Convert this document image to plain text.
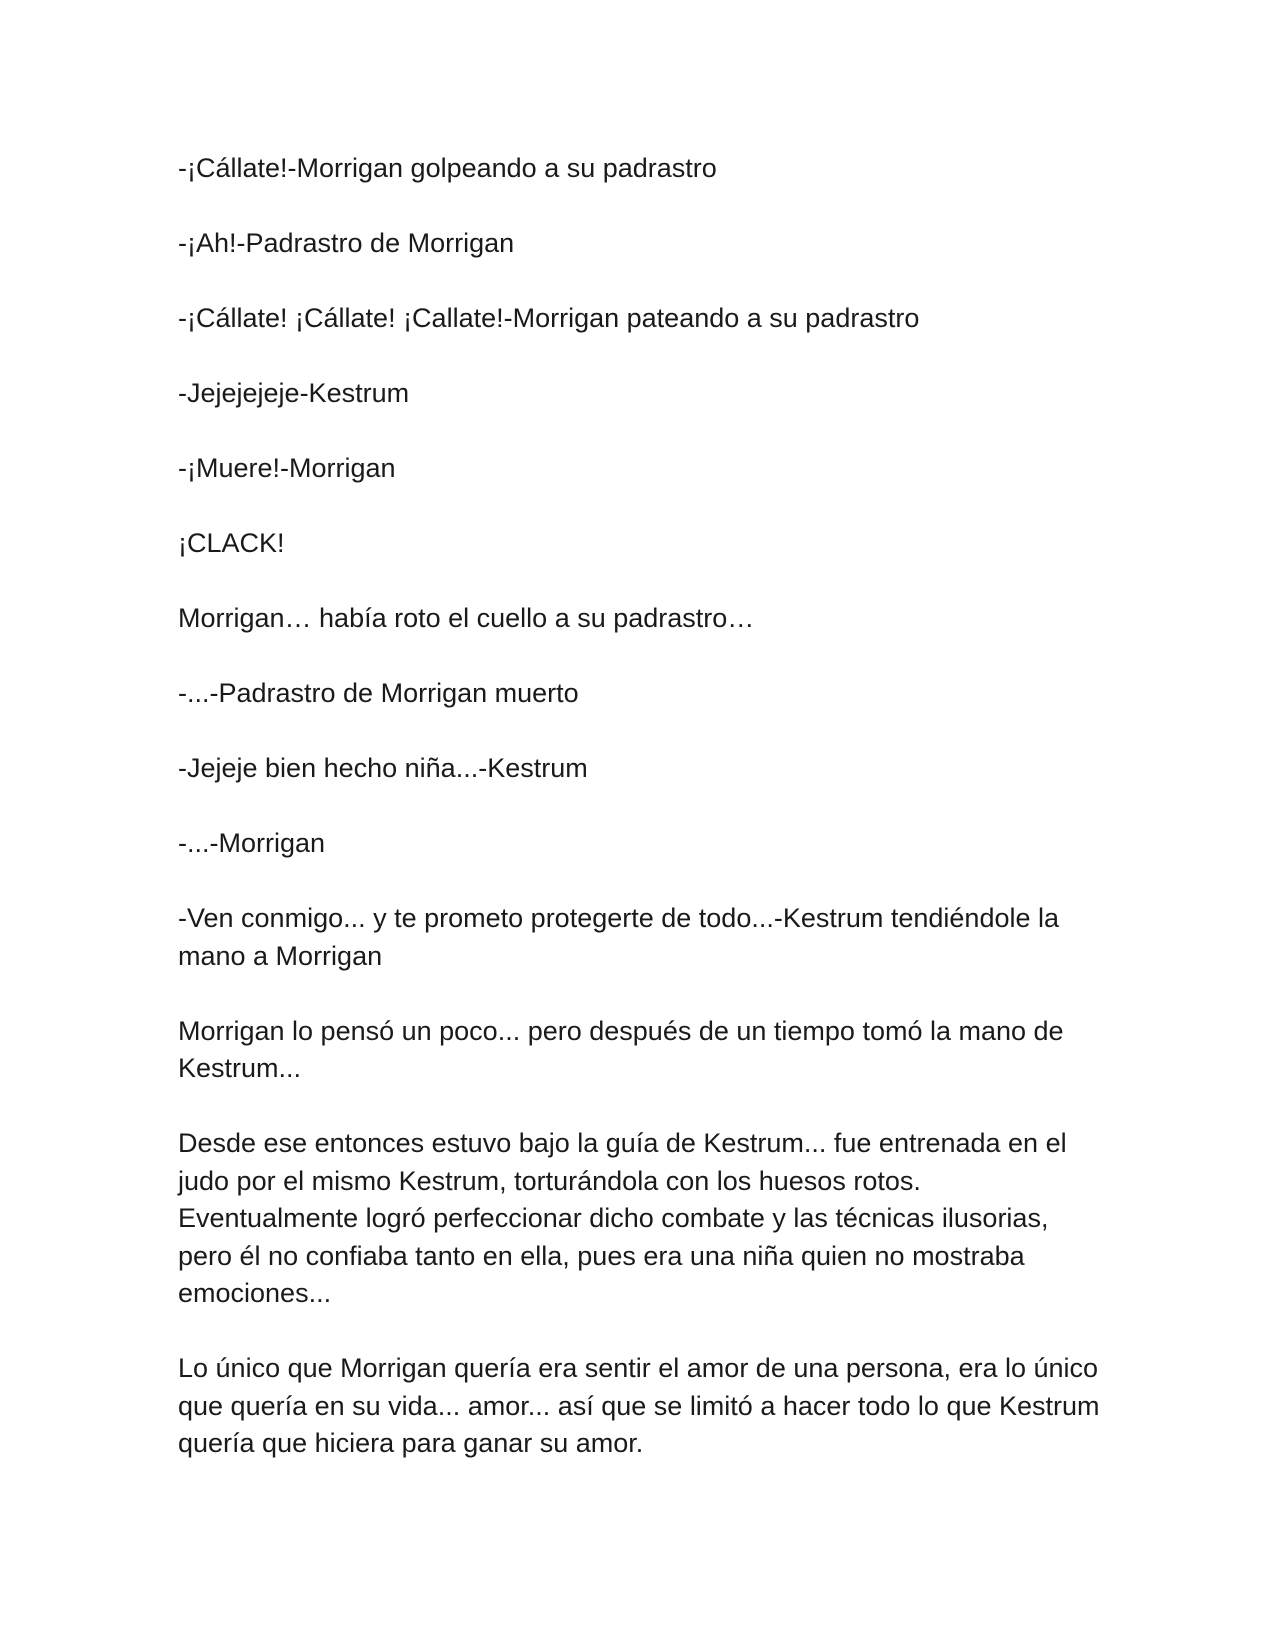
-¡Cállate!-Morrigan golpeando a su padrastro

-¡Ah!-Padrastro de Morrigan

-¡Cállate! ¡Cállate! ¡Callate!-Morrigan pateando a su padrastro

-Jejejejeje-Kestrum

-¡Muere!-Morrigan

¡CLACK!

Morrigan… había roto el cuello a su padrastro…

-...-Padrastro de Morrigan muerto

-Jejeje bien hecho niña...-Kestrum

-...-Morrigan

-Ven conmigo... y te prometo protegerte de todo...-Kestrum tendiéndole la mano a Morrigan

Morrigan lo pensó un poco... pero después de un tiempo tomó la mano de Kestrum...

Desde ese entonces estuvo bajo la guía de Kestrum... fue entrenada en el judo por el mismo Kestrum, torturándola con los huesos rotos. Eventualmente logró perfeccionar dicho combate y las técnicas ilusorias, pero él no confiaba tanto en ella, pues era una niña quien no mostraba emociones...

Lo único que Morrigan quería era sentir el amor de una persona, era lo único que quería en su vida... amor... así que se limitó a hacer todo lo que Kestrum quería que hiciera para ganar su amor.
